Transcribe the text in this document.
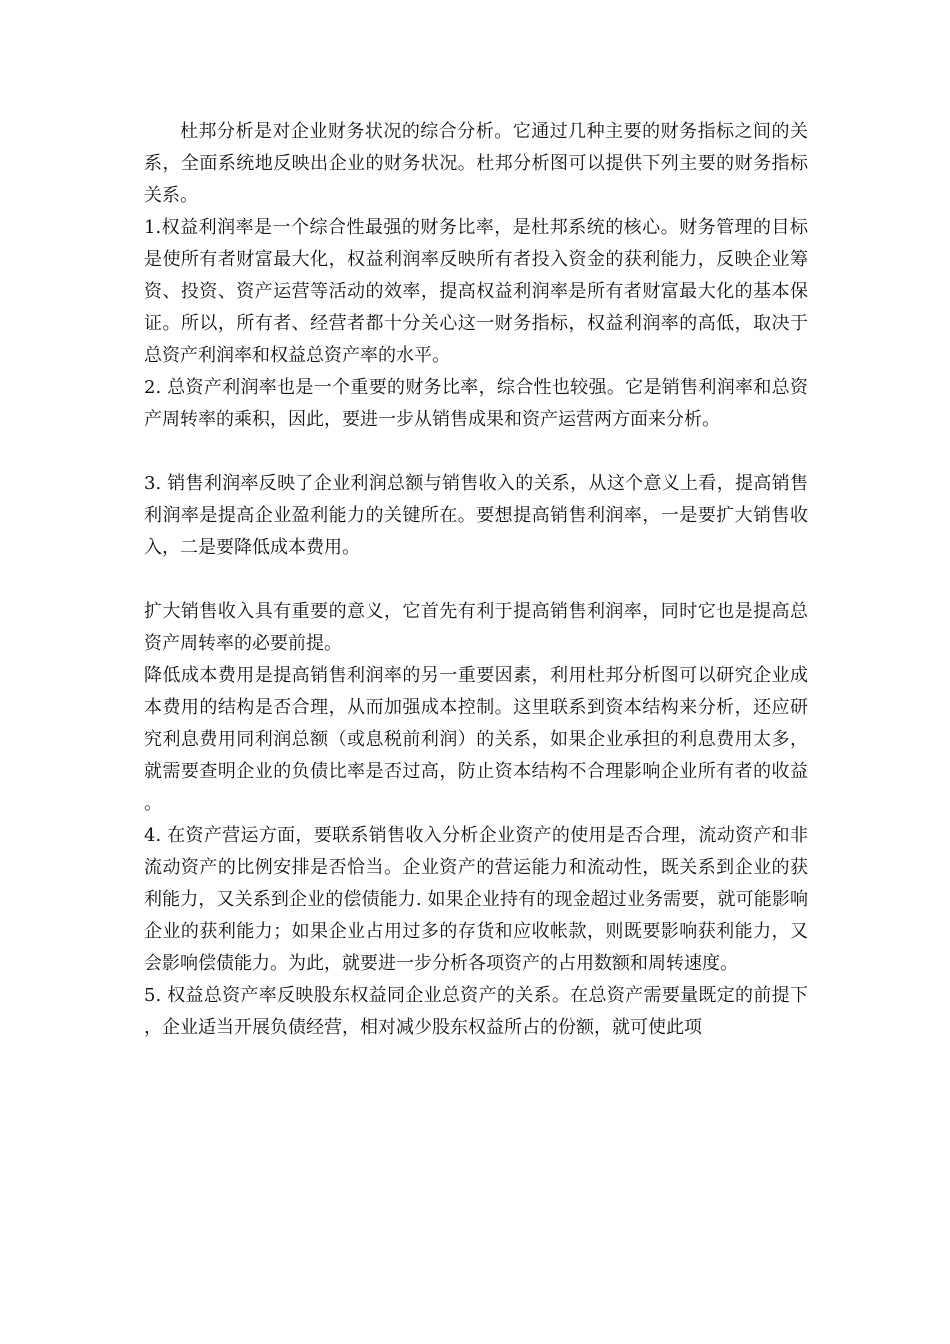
杜邦分析是对企业财务状况的综合分析。它通过几种主要的财务指标之间的关系，全面系统地反映出企业的财务状况。杜邦分析图可以提供下列主要的财务指标关系。

1.权益利润率是一个综合性最强的财务比率，是杜邦系统的核心。财务管理的目标是使所有者财富最大化，权益利润率反映所有者投入资金的获利能力，反映企业筹资、投资、资产运营等活动的效率，提高权益利润率是所有者财富最大化的基本保证。所以，所有者、经营者都十分关心这一财务指标，权益利润率的高低，取决于总资产利润率和权益总资产率的水平。

2. 总资产利润率也是一个重要的财务比率，综合性也较强。它是销售利润率和总资产周转率的乘积，因此，要进一步从销售成果和资产运营两方面来分析。

3. 销售利润率反映了企业利润总额与销售收入的关系，从这个意义上看，提高销售利润率是提高企业盈利能力的关键所在。要想提高销售利润率，一是要扩大销售收入，二是要降低成本费用。

扩大销售收入具有重要的意义，它首先有利于提高销售利润率，同时它也是提高总资产周转率的必要前提。

降低成本费用是提高销售利润率的另一重要因素，利用杜邦分析图可以研究企业成本费用的结构是否合理，从而加强成本控制。这里联系到资本结构来分析，还应研究利息费用同利润总额（或息税前利润）的关系，如果企业承担的利息费用太多，就需要查明企业的负债比率是否过高，防止资本结构不合理影响企业所有者的收益。

4. 在资产营运方面，要联系销售收入分析企业资产的使用是否合理，流动资产和非流动资产的比例安排是否恰当。企业资产的营运能力和流动性，既关系到企业的获利能力，又关系到企业的偿债能力. 如果企业持有的现金超过业务需要，就可能影响企业的获利能力；如果企业占用过多的存货和应收帐款，则既要影响获利能力，又会影响偿债能力。为此，就要进一步分析各项资产的占用数额和周转速度。

5. 权益总资产率反映股东权益同企业总资产的关系。在总资产需要量既定的前提下，企业适当开展负债经营，相对减少股东权益所占的份额，就可使此项
